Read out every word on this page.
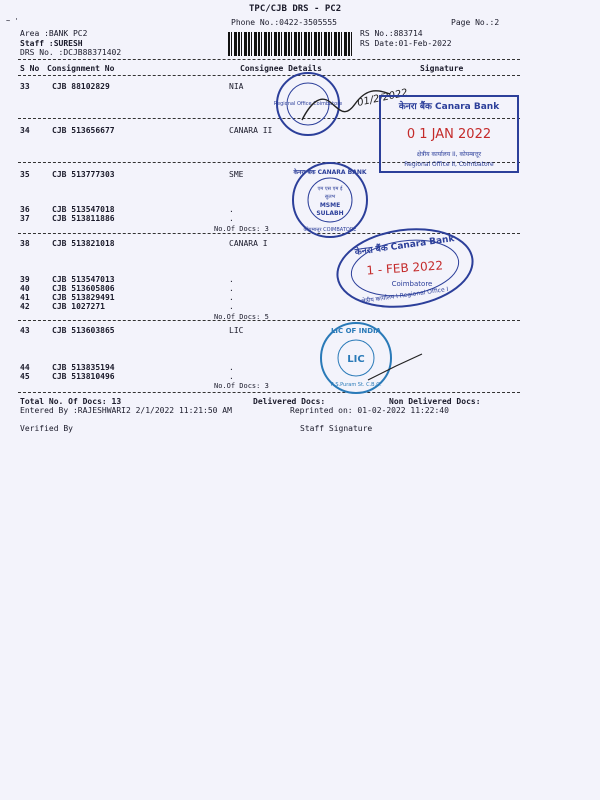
~ '
TPC/CJB DRS - PC2
Phone No.:0422-3505555	Page No.:2
Area :BANK PC2
Staff :SURESH
DRS No. :DCJB88371402
RS No.:883714
RS Date:01-Feb-2022
S No Consignment No	Consignee Details	Signature
33	CJB 88102829	NIA
34	CJB 513656677	CANARA II
35	CJB 513777303	SME
36	CJB 513547018	.
37	CJB 513811886	.
No.Of Docs: 3
38	CJB 513821018	CANARA I
39	CJB 513547013	.
40	CJB 513605806	.
41	CJB 513829491	.
42	CJB 1027271	.
No.Of Docs: 5
43	CJB 513603865	LIC
44	CJB 513835194	.
45	CJB 513810496	.
No.Of Docs: 3
Total No. Of Docs: 13	Delivered Docs:	Non Delivered Docs:
Entered By :RAJESHWARI2 2/1/2022 11:21:50 AM	Reprinted on: 01-02-2022 11:22:40
Verified By	Staff Signature
Regional Office Coimbatore 01/2/2022
केनरा बैंक Canara Bank
0 1 JAN 2022
क्षेत्रीय कार्यालय II, कोयम्बत्तूर
Regional Office II, Coimbatore
केनरा बैंक CANARA BANK
एम एस एम ई
सुलभ
MSME
SULABH
कोयम्बत्तूर COIMBATORE
केनरा बैंक Canara Bank
1 - FEB 2022
Coimbatore
क्षेत्रीय कार्यालय I Regional Office I
LIC OF INDIA
LIC
R.S.Puram St. C.B.O.
